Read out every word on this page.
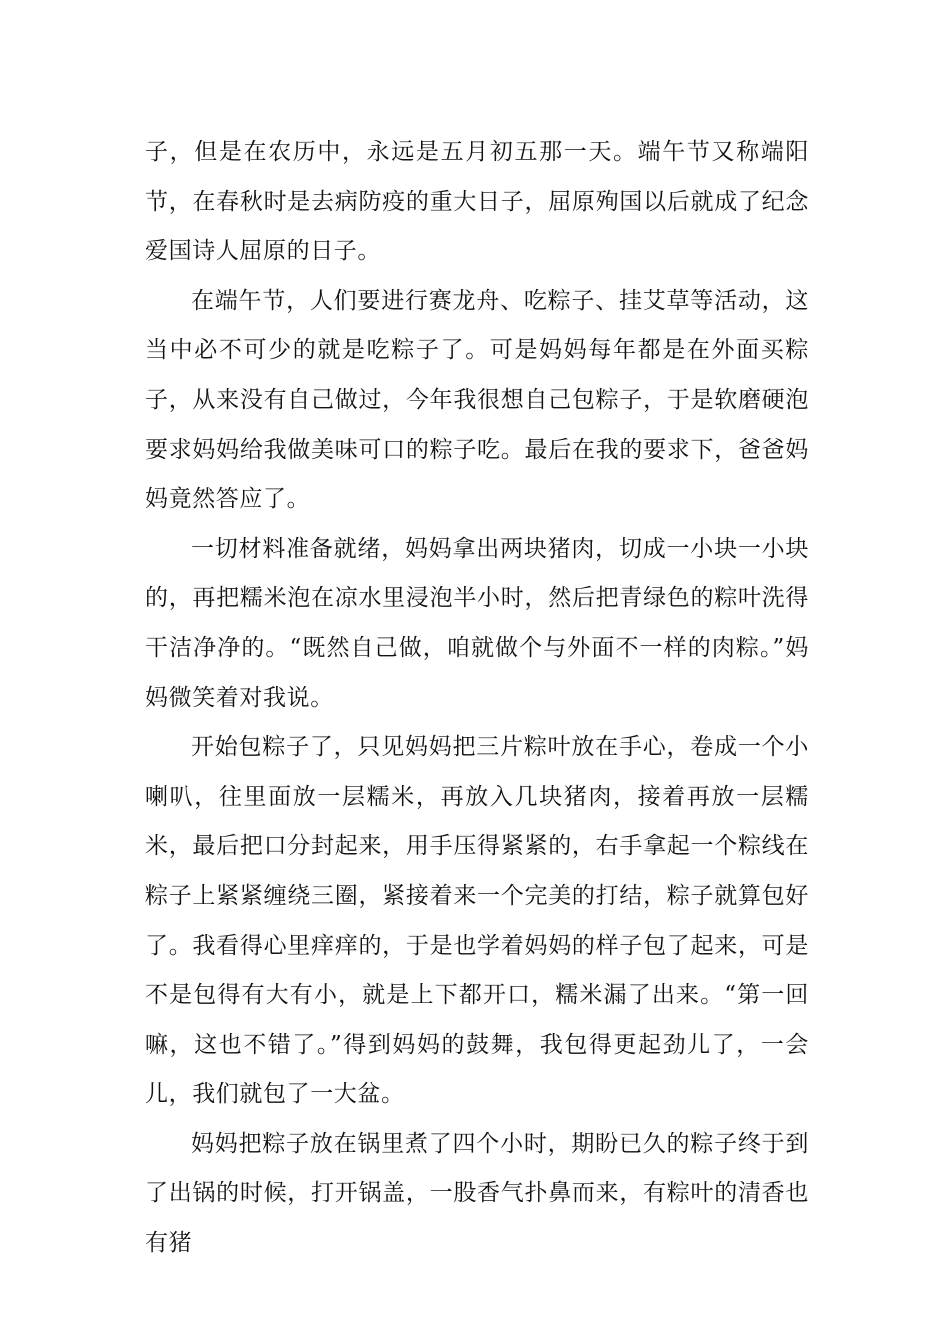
子，但是在农历中，永远是五月初五那一天。端午节又称端阳节，在春秋时是去病防疫的重大日子，屈原殉国以后就成了纪念爱国诗人屈原的日子。

在端午节，人们要进行赛龙舟、吃粽子、挂艾草等活动，这当中必不可少的就是吃粽子了。可是妈妈每年都是在外面买粽子，从来没有自己做过，今年我很想自己包粽子，于是软磨硬泡要求妈妈给我做美味可口的粽子吃。最后在我的要求下，爸爸妈妈竟然答应了。

一切材料准备就绪，妈妈拿出两块猪肉，切成一小块一小块的，再把糯米泡在凉水里浸泡半小时，然后把青绿色的粽叶洗得干洁净净的。“既然自己做，咱就做个与外面不一样的肉粽。”妈妈微笑着对我说。

开始包粽子了，只见妈妈把三片粽叶放在手心，卷成一个小喇叭，往里面放一层糯米，再放入几块猪肉，接着再放一层糯米，最后把口分封起来，用手压得紧紧的，右手拿起一个粽线在粽子上紧紧缠绕三圈，紧接着来一个完美的打结，粽子就算包好了。我看得心里痒痒的，于是也学着妈妈的样子包了起来，可是不是包得有大有小，就是上下都开口，糯米漏了出来。“第一回嘛，这也不错了。”得到妈妈的鼓舞，我包得更起劲儿了，一会儿，我们就包了一大盆。

妈妈把粽子放在锅里煮了四个小时，期盼已久的粽子终于到了出锅的时候，打开锅盖，一股香气扑鼻而来，有粽叶的清香也有猪
